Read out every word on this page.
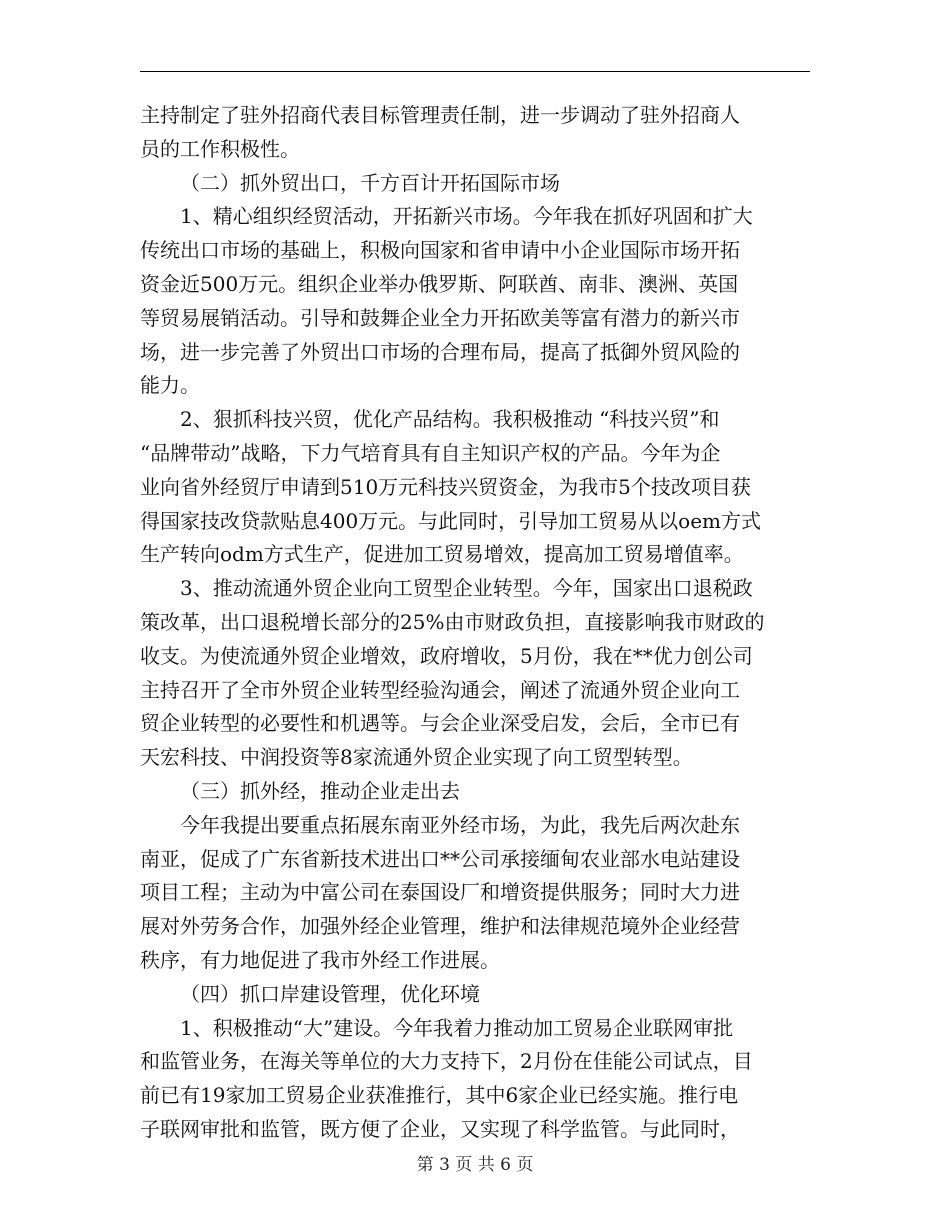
主持制定了驻外招商代表目标管理责任制，进一步调动了驻外招商人
员的工作积极性。
（二）抓外贸出口，千方百计开拓国际市场
1、精心组织经贸活动，开拓新兴市场。今年我在抓好巩固和扩大
传统出口市场的基础上，积极向国家和省申请中小企业国际市场开拓
资金近500万元。组织企业举办俄罗斯、阿联酋、南非、澳洲、英国
等贸易展销活动。引导和鼓舞企业全力开拓欧美等富有潜力的新兴市
场，进一步完善了外贸出口市场的合理布局，提高了抵御外贸风险的
能力。
2、狠抓科技兴贸，优化产品结构。我积极推动 “科技兴贸”和
“品牌带动”战略，下力气培育具有自主知识产权的产品。今年为企
业向省外经贸厅申请到510万元科技兴贸资金，为我市5个技改项目获
得国家技改贷款贴息400万元。与此同时，引导加工贸易从以oem方式
生产转向odm方式生产，促进加工贸易增效，提高加工贸易增值率。
3、推动流通外贸企业向工贸型企业转型。今年，国家出口退税政
策改革，出口退税增长部分的25%由市财政负担，直接影响我市财政的
收支。为使流通外贸企业增效，政府增收，5月份，我在**优力创公司
主持召开了全市外贸企业转型经验沟通会，阐述了流通外贸企业向工
贸企业转型的必要性和机遇等。与会企业深受启发，会后，全市已有
天宏科技、中润投资等8家流通外贸企业实现了向工贸型转型。
（三）抓外经，推动企业走出去
今年我提出要重点拓展东南亚外经市场，为此，我先后两次赴东
南亚，促成了广东省新技术进出口**公司承接缅甸农业部水电站建设
项目工程；主动为中富公司在泰国设厂和增资提供服务；同时大力进
展对外劳务合作，加强外经企业管理，维护和法律规范境外企业经营
秩序，有力地促进了我市外经工作进展。
（四）抓口岸建设管理，优化环境
1、积极推动“大”建设。今年我着力推动加工贸易企业联网审批
和监管业务，在海关等单位的大力支持下，2月份在佳能公司试点，目
前已有19家加工贸易企业获准推行，其中6家企业已经实施。推行电
子联网审批和监管，既方便了企业，又实现了科学监管。与此同时，
第 3 页 共 6 页
